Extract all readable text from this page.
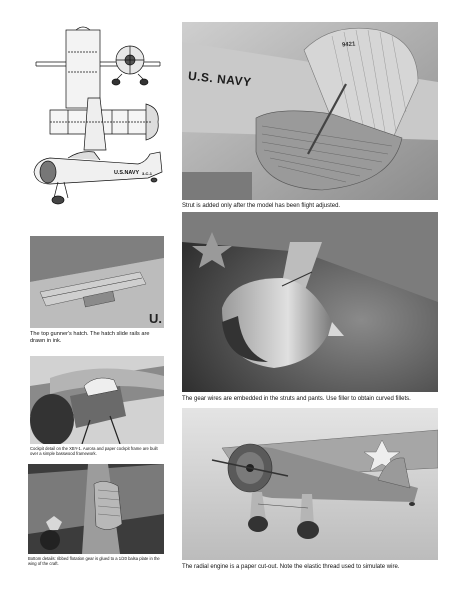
U.S.NAVY 3-C-1
U.S. NAVY
9421

Strut is added only after the model has been flight adjusted.

The gear wires are embedded in the struts and pants. Use filler to obtain curved fillets.

U.

The top gunner's hatch. The hatch slide rails are drawn in ink.

Cockpit detail on the XBY-1. Aurora and paper cockpit frame are built over a simple basswood framework.

Bottom details: ribbed flotation gear is glued to a 1/20 balsa plate in the wing of the craft.

The radial engine is a paper cut-out. Note the elastic thread used to simulate wire.
